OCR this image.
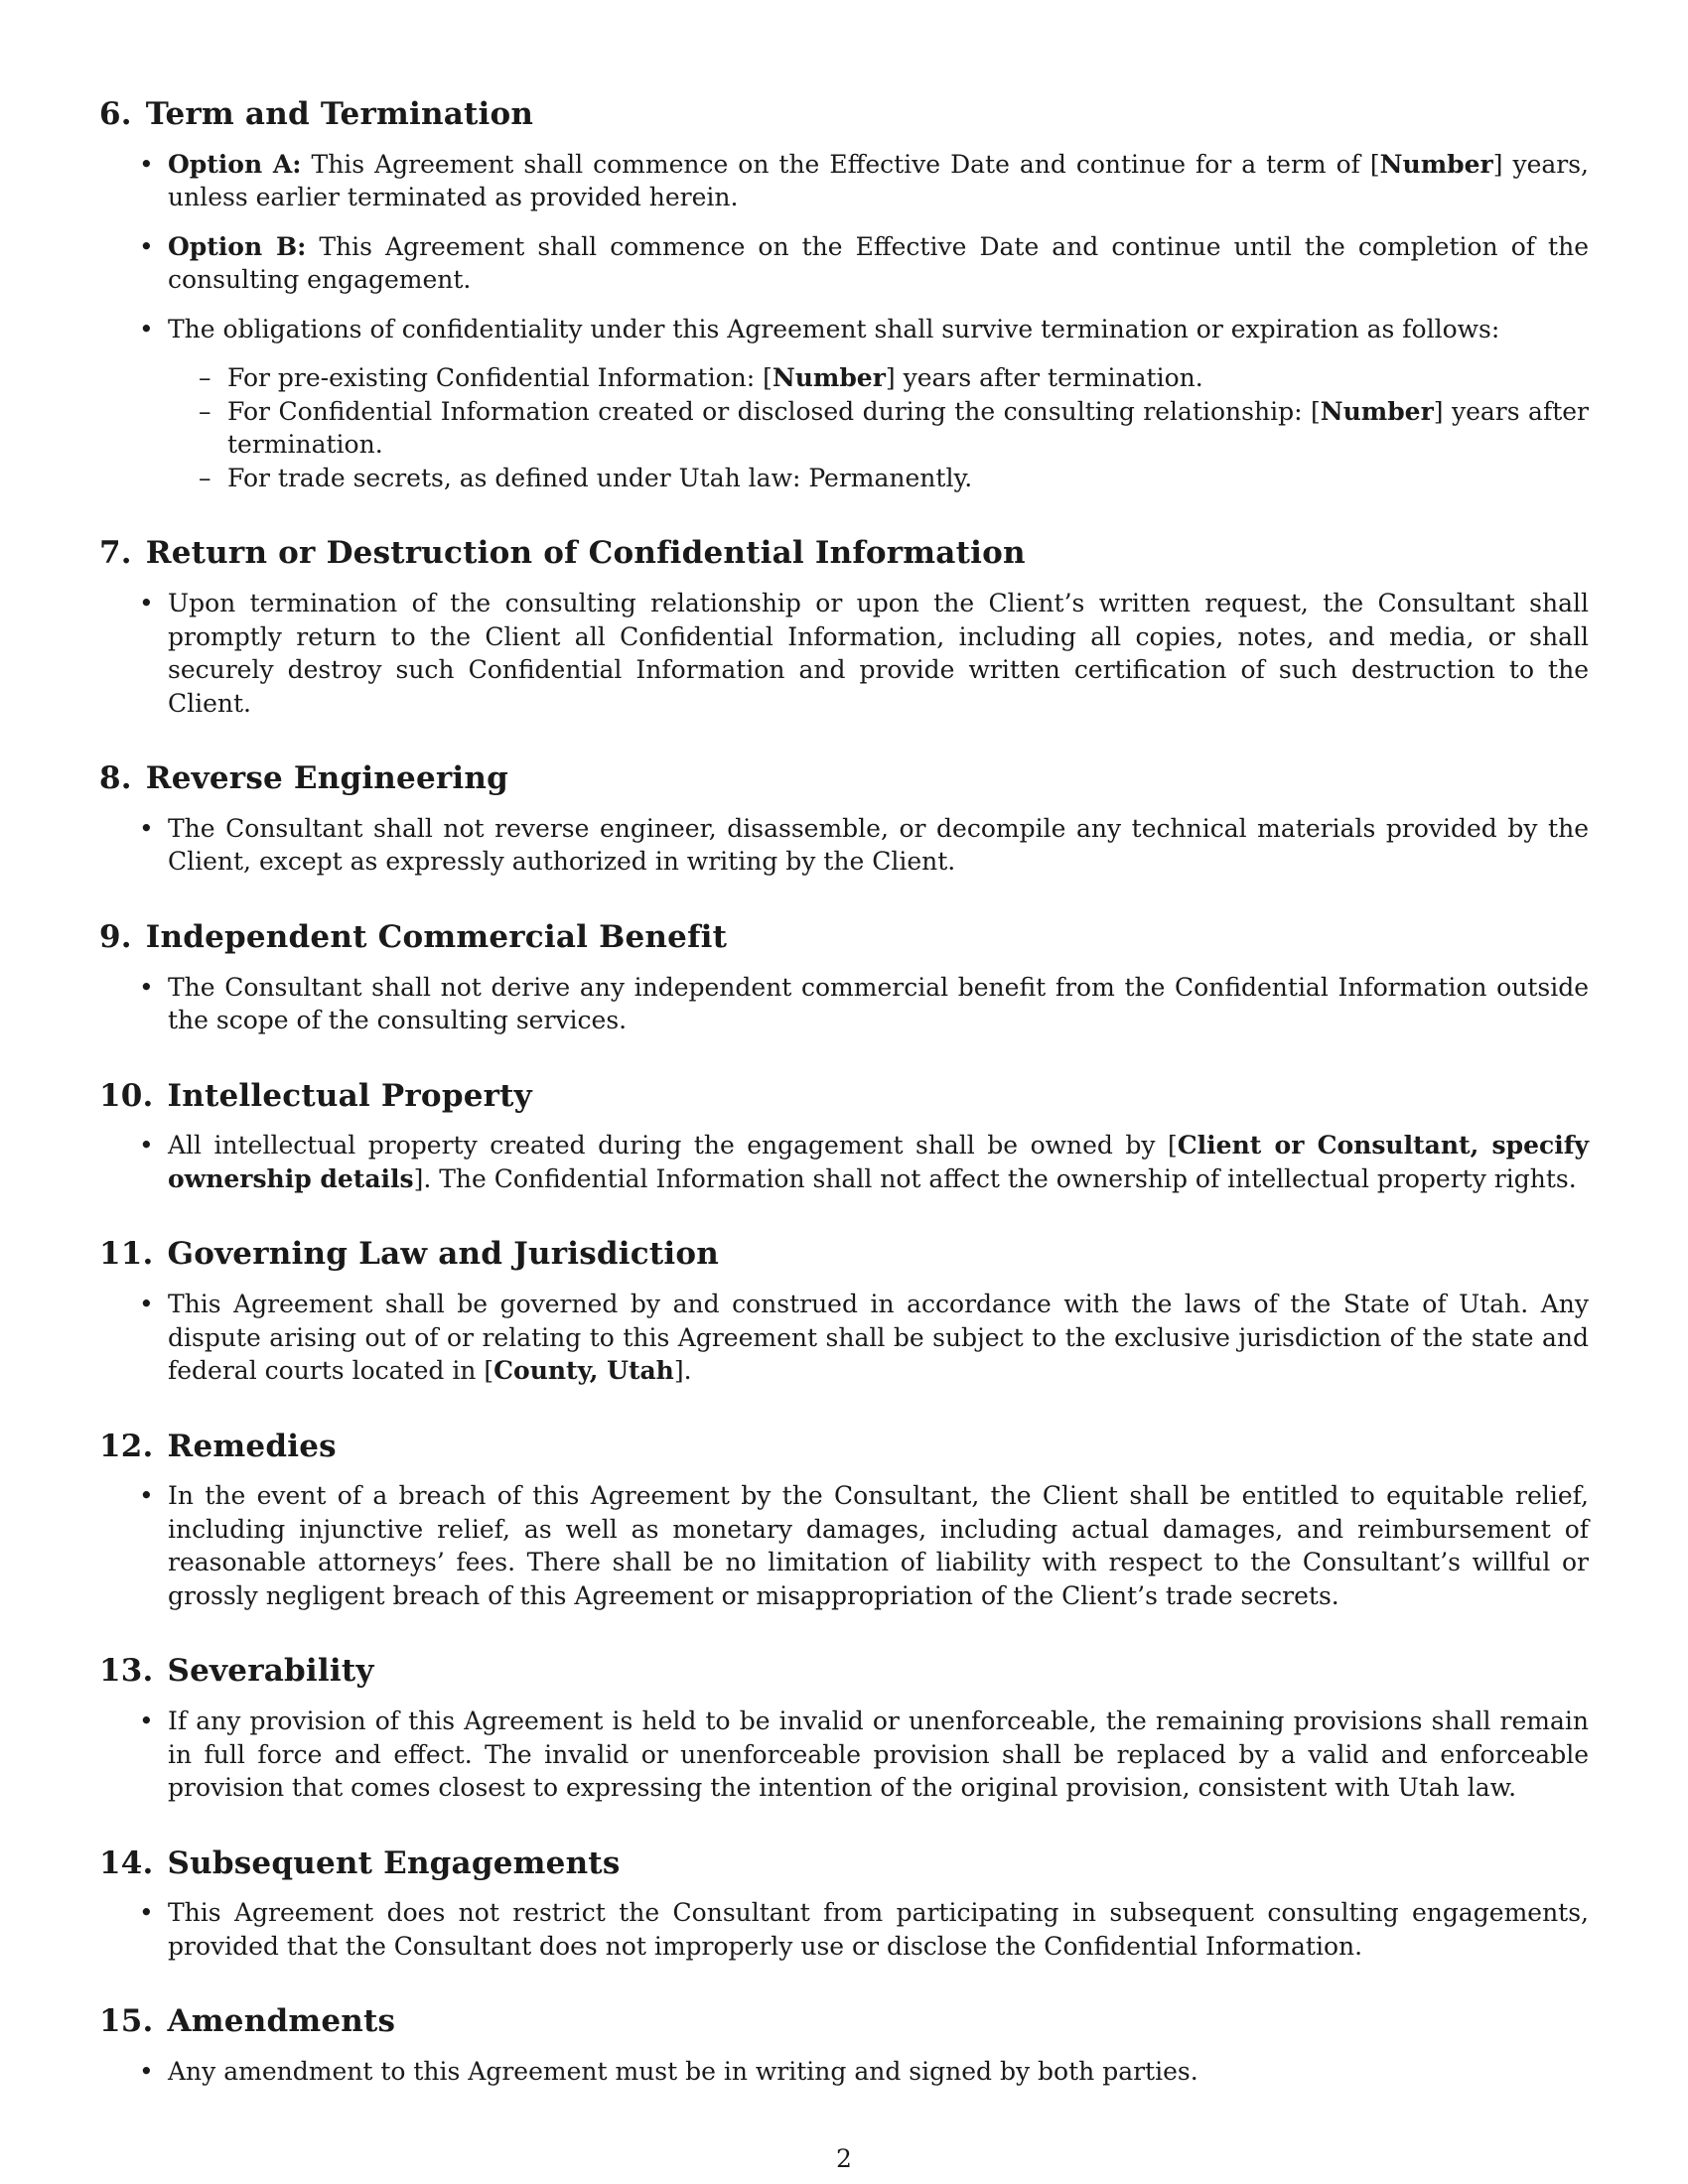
6. Term and Termination
• Option A: This Agreement shall commence on the Effective Date and continue for a term of [Number] years, unless earlier terminated as provided herein.
• Option B: This Agreement shall commence on the Effective Date and continue until the completion of the consulting engagement.
• The obligations of confidentiality under this Agreement shall survive termination or expiration as follows:
– For pre-existing Confidential Information: [Number] years after termination.
– For Confidential Information created or disclosed during the consulting relationship: [Number] years after termination.
– For trade secrets, as defined under Utah law: Permanently.
7. Return or Destruction of Confidential Information
• Upon termination of the consulting relationship or upon the Client’s written request, the Consultant shall promptly return to the Client all Confidential Information, including all copies, notes, and media, or shall securely destroy such Confidential Information and provide written certification of such destruction to the Client.
8. Reverse Engineering
• The Consultant shall not reverse engineer, disassemble, or decompile any technical materials provided by the Client, except as expressly authorized in writing by the Client.
9. Independent Commercial Benefit
• The Consultant shall not derive any independent commercial benefit from the Confidential Information outside the scope of the consulting services.
10. Intellectual Property
• All intellectual property created during the engagement shall be owned by [Client or Consultant, specify ownership details]. The Confidential Information shall not affect the ownership of intellectual property rights.
11. Governing Law and Jurisdiction
• This Agreement shall be governed by and construed in accordance with the laws of the State of Utah. Any dispute arising out of or relating to this Agreement shall be subject to the exclusive jurisdiction of the state and federal courts located in [County, Utah].
12. Remedies
• In the event of a breach of this Agreement by the Consultant, the Client shall be entitled to equitable relief, including injunctive relief, as well as monetary damages, including actual damages, and reimbursement of reasonable attorneys’ fees. There shall be no limitation of liability with respect to the Consultant’s willful or grossly negligent breach of this Agreement or misappropriation of the Client’s trade secrets.
13. Severability
• If any provision of this Agreement is held to be invalid or unenforceable, the remaining provisions shall remain in full force and effect. The invalid or unenforceable provision shall be replaced by a valid and enforceable provision that comes closest to expressing the intention of the original provision, consistent with Utah law.
14. Subsequent Engagements
• This Agreement does not restrict the Consultant from participating in subsequent consulting engagements, provided that the Consultant does not improperly use or disclose the Confidential Information.
15. Amendments
• Any amendment to this Agreement must be in writing and signed by both parties.
2
